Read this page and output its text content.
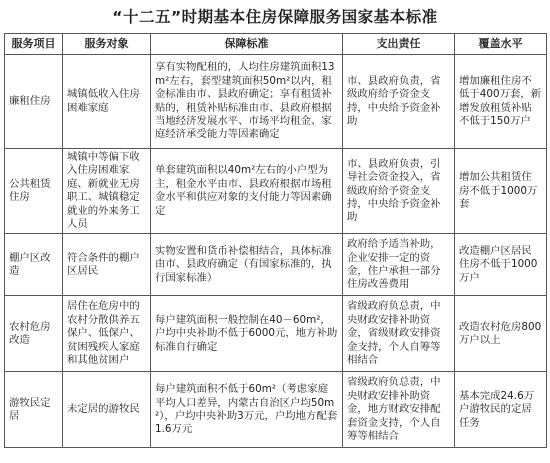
“十二五”时期基本住房保障服务国家基本标准
服务项目	服务对象	保障标准	支出责任	覆盖水平
廉租住房	城镇低收入住房困难家庭	享有实物配租的，人均住房建筑面积13m²左右，套型建筑面积50m²以内，租金标准由市、县政府确定；享有租赁补贴的，租赁补贴标准由市、县政府根据当地经济发展水平、市场平均租金、家庭经济承受能力等因素确定	市、县政府负责，省级政府给予资金支持，中央给予资金补助	增加廉租住房不低于400万套，新增发放租赁补贴不低于150万户
公共租赁住房	城镇中等偏下收入住房困难家庭、新就业无房职工、城镇稳定就业的外来务工人员	单套建筑面积以40m²左右的小户型为主，租金水平由市、县政府根据市场租金水平和供应对象的支付能力等因素确定	市、县政府负责，引导社会资金投入，省级政府给予资金支持，中央给予资金补助	增加公共租赁住房不低于1000万套
棚户区改造	符合条件的棚户区居民	实物安置和货币补偿相结合，具体标准由市、县政府确定（有国家标准的，执行国家标准）	政府给予适当补助，企业安排一定的资金，住户承担一部分住房改善费用	改造棚户区居民住房不低于1000万户
农村危房改造	居住在危房中的农村分散供养五保户、低保户、贫困残疾人家庭和其他贫困户	每户建筑面积一般控制在40－60m²，户均中央补助不低于6000元，地方补助标准自行确定	省级政府负总责，中央财政安排补助资金，省级财政安排资金支持，个人自筹等相结合	改造农村危房800万户以上
游牧民定居	未定居的游牧民	每户建筑面积不低于60m²（考虑家庭平均人口差异，内蒙古自治区户均50m²），户均中央补助3万元，户均地方配套1.6万元	省级政府负总责，中央财政安排补助资金，地方财政安排配套资金支持，个人自筹等相结合	基本完成24.6万户游牧民的定居任务
